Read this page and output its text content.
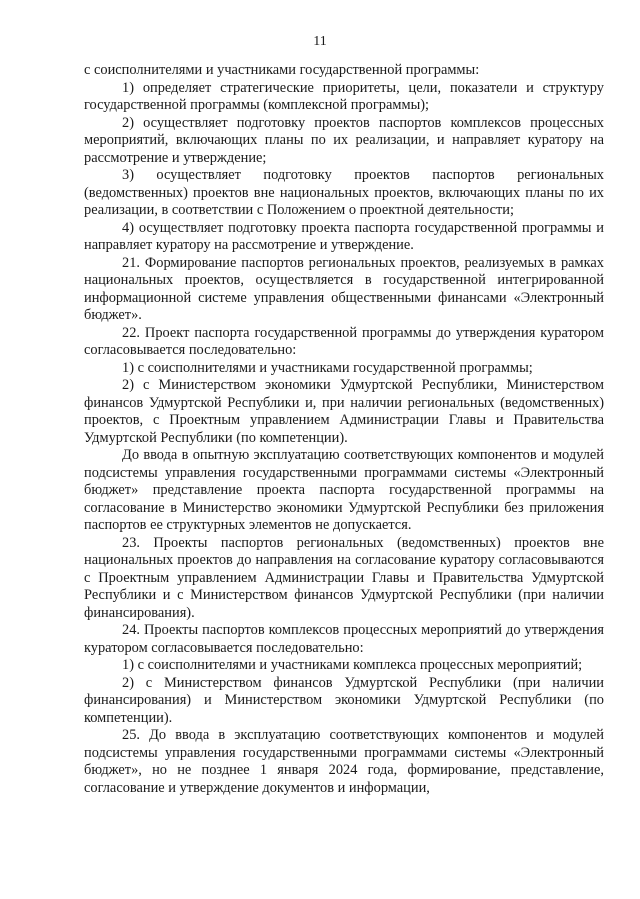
11

с соисполнителями и участниками государственной программы:

1) определяет стратегические приоритеты, цели, показатели и структуру государственной программы (комплексной программы);

2) осуществляет подготовку проектов паспортов комплексов процессных мероприятий, включающих планы по их реализации, и направляет куратору на рассмотрение и утверждение;

3) осуществляет подготовку проектов паспортов региональных (ведомственных) проектов вне национальных проектов, включающих планы по их реализации, в соответствии с Положением о проектной деятельности;

4) осуществляет подготовку проекта паспорта государственной программы и направляет куратору на рассмотрение и утверждение.

21. Формирование паспортов региональных проектов, реализуемых в рамках национальных проектов, осуществляется в государственной интегрированной информационной системе управления общественными финансами «Электронный бюджет».

22. Проект паспорта государственной программы до утверждения куратором согласовывается последовательно:

1) с соисполнителями и участниками государственной программы;

2) с Министерством экономики Удмуртской Республики, Министерством финансов Удмуртской Республики и, при наличии региональных (ведомственных) проектов, с Проектным управлением Администрации Главы и Правительства Удмуртской Республики (по компетенции).

До ввода в опытную эксплуатацию соответствующих компонентов и модулей подсистемы управления государственными программами системы «Электронный бюджет» представление проекта паспорта государственной программы на согласование в Министерство экономики Удмуртской Республики без приложения паспортов ее структурных элементов не допускается.

23. Проекты паспортов региональных (ведомственных) проектов вне национальных проектов до направления на согласование куратору согласовываются с Проектным управлением Администрации Главы и Правительства Удмуртской Республики и с Министерством финансов Удмуртской Республики (при наличии финансирования).

24. Проекты паспортов комплексов процессных мероприятий до утверждения куратором согласовывается последовательно:

1) с соисполнителями и участниками комплекса процессных мероприятий;

2) с Министерством финансов Удмуртской Республики (при наличии финансирования) и Министерством экономики Удмуртской Республики (по компетенции).

25. До ввода в эксплуатацию соответствующих компонентов и модулей подсистемы управления государственными программами системы «Электронный бюджет», но не позднее 1 января 2024 года, формирование, представление, согласование и утверждение документов и информации,
